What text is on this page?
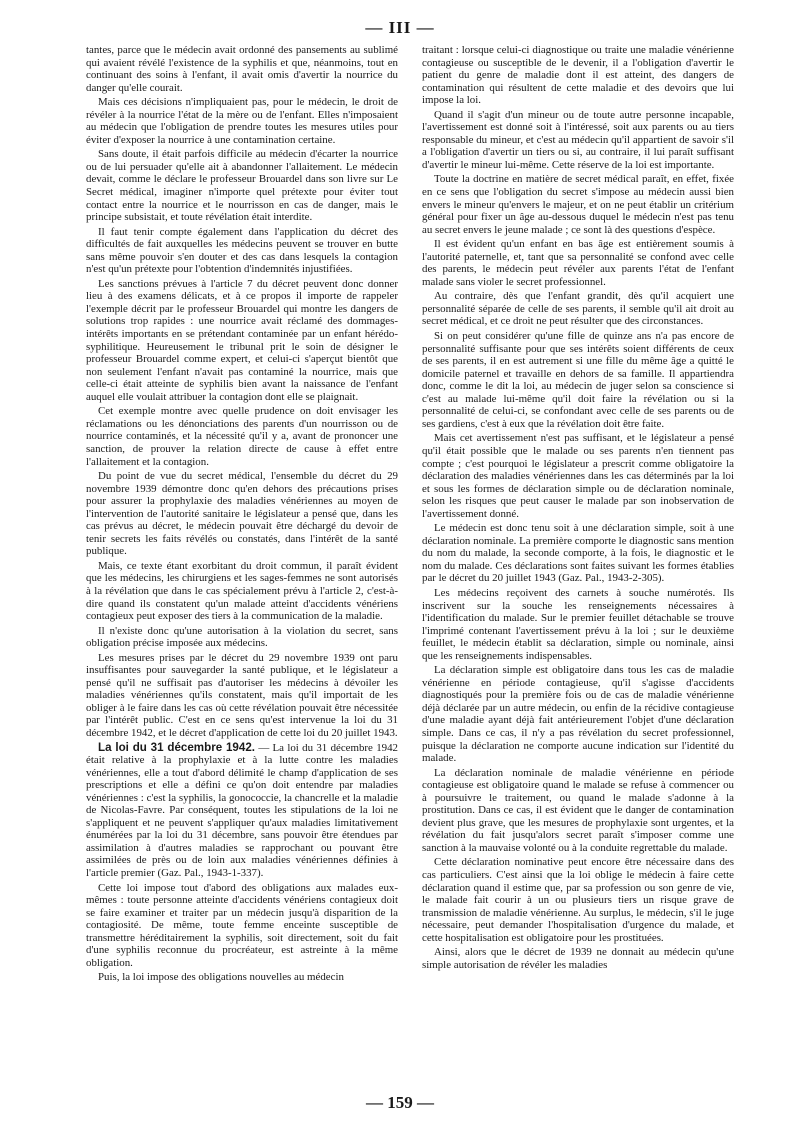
— III —

tantes, parce que le médecin avait ordonné des pansements au sublimé qui avaient révélé l'existence de la syphilis et que, néanmoins, tout en continuant des soins à l'enfant, il avait omis d'avertir la nourrice du danger qu'elle courait.

Mais ces décisions n'impliquaient pas, pour le médecin, le droit de révéler à la nourrice l'état de la mère ou de l'enfant. Elles n'imposaient au médecin que l'obligation de prendre toutes les mesures utiles pour éviter d'exposer la nourrice à une contamination certaine.

Sans doute, il était parfois difficile au médecin d'écarter la nourrice ou de lui persuader qu'elle ait à abandonner l'allaitement. Le médecin devait, comme le déclare le professeur Brouardel dans son livre sur Le Secret médical, imaginer n'importe quel prétexte pour éviter tout contact entre la nourrice et le nourrisson en cas de danger, mais le principe subsistait, et toute révélation était interdite.

Il faut tenir compte également dans l'application du décret des difficultés de fait auxquelles les médecins peuvent se trouver en butte sans même pouvoir s'en douter et des cas dans lesquels la contagion n'est qu'un prétexte pour l'obtention d'indemnités injustifiées.

Les sanctions prévues à l'article 7 du décret peuvent donc donner lieu à des examens délicats, et à ce propos il importe de rappeler l'exemple décrit par le professeur Brouardel qui montre les dangers de solutions trop rapides : une nourrice avait réclamé des dommages-intérêts importants en se prétendant contaminée par un enfant hérédo-syphilitique. Heureusement le tribunal prit le soin de désigner le professeur Brouardel comme expert, et celui-ci s'aperçut bientôt que non seulement l'enfant n'avait pas contaminé la nourrice, mais que celle-ci était atteinte de syphilis bien avant la naissance de l'enfant auquel elle voulait attribuer la contagion dont elle se plaignait.

Cet exemple montre avec quelle prudence on doit envisager les réclamations ou les dénonciations des parents d'un nourrisson ou de nourrice contaminés, et la nécessité qu'il y a, avant de prononcer une sanction, de prouver la relation directe de cause à effet entre l'allaitement et la contagion.

Du point de vue du secret médical, l'ensemble du décret du 29 novembre 1939 démontre donc qu'en dehors des précautions prises pour assurer la prophylaxie des maladies vénériennes au moyen de l'intervention de l'autorité sanitaire le législateur a pensé que, dans les cas prévus au décret, le médecin pouvait être déchargé du devoir de tenir secrets les faits révélés ou constatés, dans l'intérêt de la santé publique.

Mais, ce texte étant exorbitant du droit commun, il paraît évident que les médecins, les chirurgiens et les sages-femmes ne sont autorisés à la révélation que dans le cas spécialement prévu à l'article 2, c'est-à-dire quand ils constatent qu'un malade atteint d'accidents vénériens contagieux peut exposer des tiers à la communication de la maladie.

Il n'existe donc qu'une autorisation à la violation du secret, sans obligation précise imposée aux médecins.

Les mesures prises par le décret du 29 novembre 1939 ont paru insuffisantes pour sauvegarder la santé publique, et le législateur a pensé qu'il ne suffisait pas d'autoriser les médecins à dévoiler les maladies vénériennes qu'ils constatent, mais qu'il importait de les obliger à le faire dans les cas où cette révélation pouvait être nécessitée par l'intérêt public. C'est en ce sens qu'est intervenue la loi du 31 décembre 1942, et le décret d'application de cette loi du 20 juillet 1943.

La loi du 31 décembre 1942. — La loi du 31 décembre 1942 était relative à la prophylaxie et à la lutte contre les maladies vénériennes, elle a tout d'abord délimité le champ d'application de ses prescriptions et elle a défini ce qu'on doit entendre par maladies vénériennes : c'est la syphilis, la gonococcie, la chancrelle et la maladie de Nicolas-Favre. Par conséquent, toutes les stipulations de la loi ne s'appliquent et ne peuvent s'appliquer qu'aux maladies limitativement énumérées par la loi du 31 décembre, sans pouvoir être étendues par assimilation à d'autres maladies se rapprochant ou pouvant être assimilées de près ou de loin aux maladies vénériennes définies à l'article premier (Gaz. Pal., 1943-1-337).

Cette loi impose tout d'abord des obligations aux malades eux-mêmes : toute personne atteinte d'accidents vénériens contagieux doit se faire examiner et traiter par un médecin jusqu'à disparition de la contagiosité. De même, toute femme enceinte susceptible de transmettre héréditairement la syphilis, soit directement, soit du fait d'une syphilis reconnue du procréateur, est astreinte à la même obligation.

Puis, la loi impose des obligations nouvelles au médecin

traitant : lorsque celui-ci diagnostique ou traite une maladie vénérienne contagieuse ou susceptible de le devenir, il a l'obligation d'avertir le patient du genre de maladie dont il est atteint, des dangers de contamination qui résultent de cette maladie et des devoirs que lui impose la loi.

Quand il s'agit d'un mineur ou de toute autre personne incapable, l'avertissement est donné soit à l'intéressé, soit aux parents ou au tiers responsable du mineur, et c'est au médecin qu'il appartient de savoir s'il a l'obligation d'avertir un tiers ou si, au contraire, il lui paraît suffisant d'avertir le mineur lui-même. Cette réserve de la loi est importante.

Toute la doctrine en matière de secret médical paraît, en effet, fixée en ce sens que l'obligation du secret s'impose au médecin aussi bien envers le mineur qu'envers le majeur, et on ne peut établir un critérium général pour fixer un âge au-dessous duquel le médecin n'est pas tenu au secret envers le jeune malade ; ce sont là des questions d'espèce.

Il est évident qu'un enfant en bas âge est entièrement soumis à l'autorité paternelle, et, tant que sa personnalité se confond avec celle des parents, le médecin peut révéler aux parents l'état de l'enfant malade sans violer le secret professionnel.

Au contraire, dès que l'enfant grandit, dès qu'il acquiert une personnalité séparée de celle de ses parents, il semble qu'il ait droit au secret médical, et ce droit ne peut résulter que des circonstances.

Si on peut considérer qu'une fille de quinze ans n'a pas encore de personnalité suffisante pour que ses intérêts soient différents de ceux de ses parents, il en est autrement si une fille du même âge a quitté le domicile paternel et travaille en dehors de sa famille. Il appartiendra donc, comme le dit la loi, au médecin de juger selon sa conscience si c'est au malade lui-même qu'il doit faire la révélation ou si la personnalité de celui-ci, se confondant avec celle de ses parents ou de ses gardiens, c'est à eux que la révélation doit être faite.

Mais cet avertissement n'est pas suffisant, et le législateur a pensé qu'il était possible que le malade ou ses parents n'en tiennent pas compte ; c'est pourquoi le législateur a prescrit comme obligatoire la déclaration des maladies vénériennes dans les cas déterminés par la loi et sous les formes de déclaration simple ou de déclaration nominale, selon les risques que peut causer le malade par son inobservation de l'avertissement donné.

Le médecin est donc tenu soit à une déclaration simple, soit à une déclaration nominale. La première comporte le diagnostic sans mention du nom du malade, la seconde comporte, à la fois, le diagnostic et le nom du malade. Ces déclarations sont faites suivant les formes établies par le décret du 20 juillet 1943 (Gaz. Pal., 1943-2-305).

Les médecins reçoivent des carnets à souche numérotés. Ils inscrivent sur la souche les renseignements nécessaires à l'identification du malade. Sur le premier feuillet détachable se trouve l'imprimé contenant l'avertissement prévu à la loi ; sur le deuxième feuillet, le médecin établit sa déclaration, simple ou nominale, ainsi que les renseignements indispensables.

La déclaration simple est obligatoire dans tous les cas de maladie vénérienne en période contagieuse, qu'il s'agisse d'accidents diagnostiqués pour la première fois ou de cas de maladie vénérienne déjà déclarée par un autre médecin, ou enfin de la récidive contagieuse d'une maladie ayant déjà fait antérieurement l'objet d'une déclaration simple. Dans ce cas, il n'y a pas révélation du secret professionnel, puisque la déclaration ne comporte aucune indication sur l'identité du malade.

La déclaration nominale de maladie vénérienne en période contagieuse est obligatoire quand le malade se refuse à commencer ou à poursuivre le traitement, ou quand le malade s'adonne à la prostitution. Dans ce cas, il est évident que le danger de contamination devient plus grave, que les mesures de prophylaxie sont urgentes, et la révélation du fait jusqu'alors secret paraît s'imposer comme une sanction à la mauvaise volonté ou à la conduite regrettable du malade.

Cette déclaration nominative peut encore être nécessaire dans des cas particuliers. C'est ainsi que la loi oblige le médecin à faire cette déclaration quand il estime que, par sa profession ou son genre de vie, le malade fait courir à un ou plusieurs tiers un risque grave de transmission de maladie vénérienne. Au surplus, le médecin, s'il le juge nécessaire, peut demander l'hospitalisation d'urgence du malade, et cette hospitalisation est obligatoire pour les prostituées.

Ainsi, alors que le décret de 1939 ne donnait au médecin qu'une simple autorisation de révéler les maladies

— 159 —
